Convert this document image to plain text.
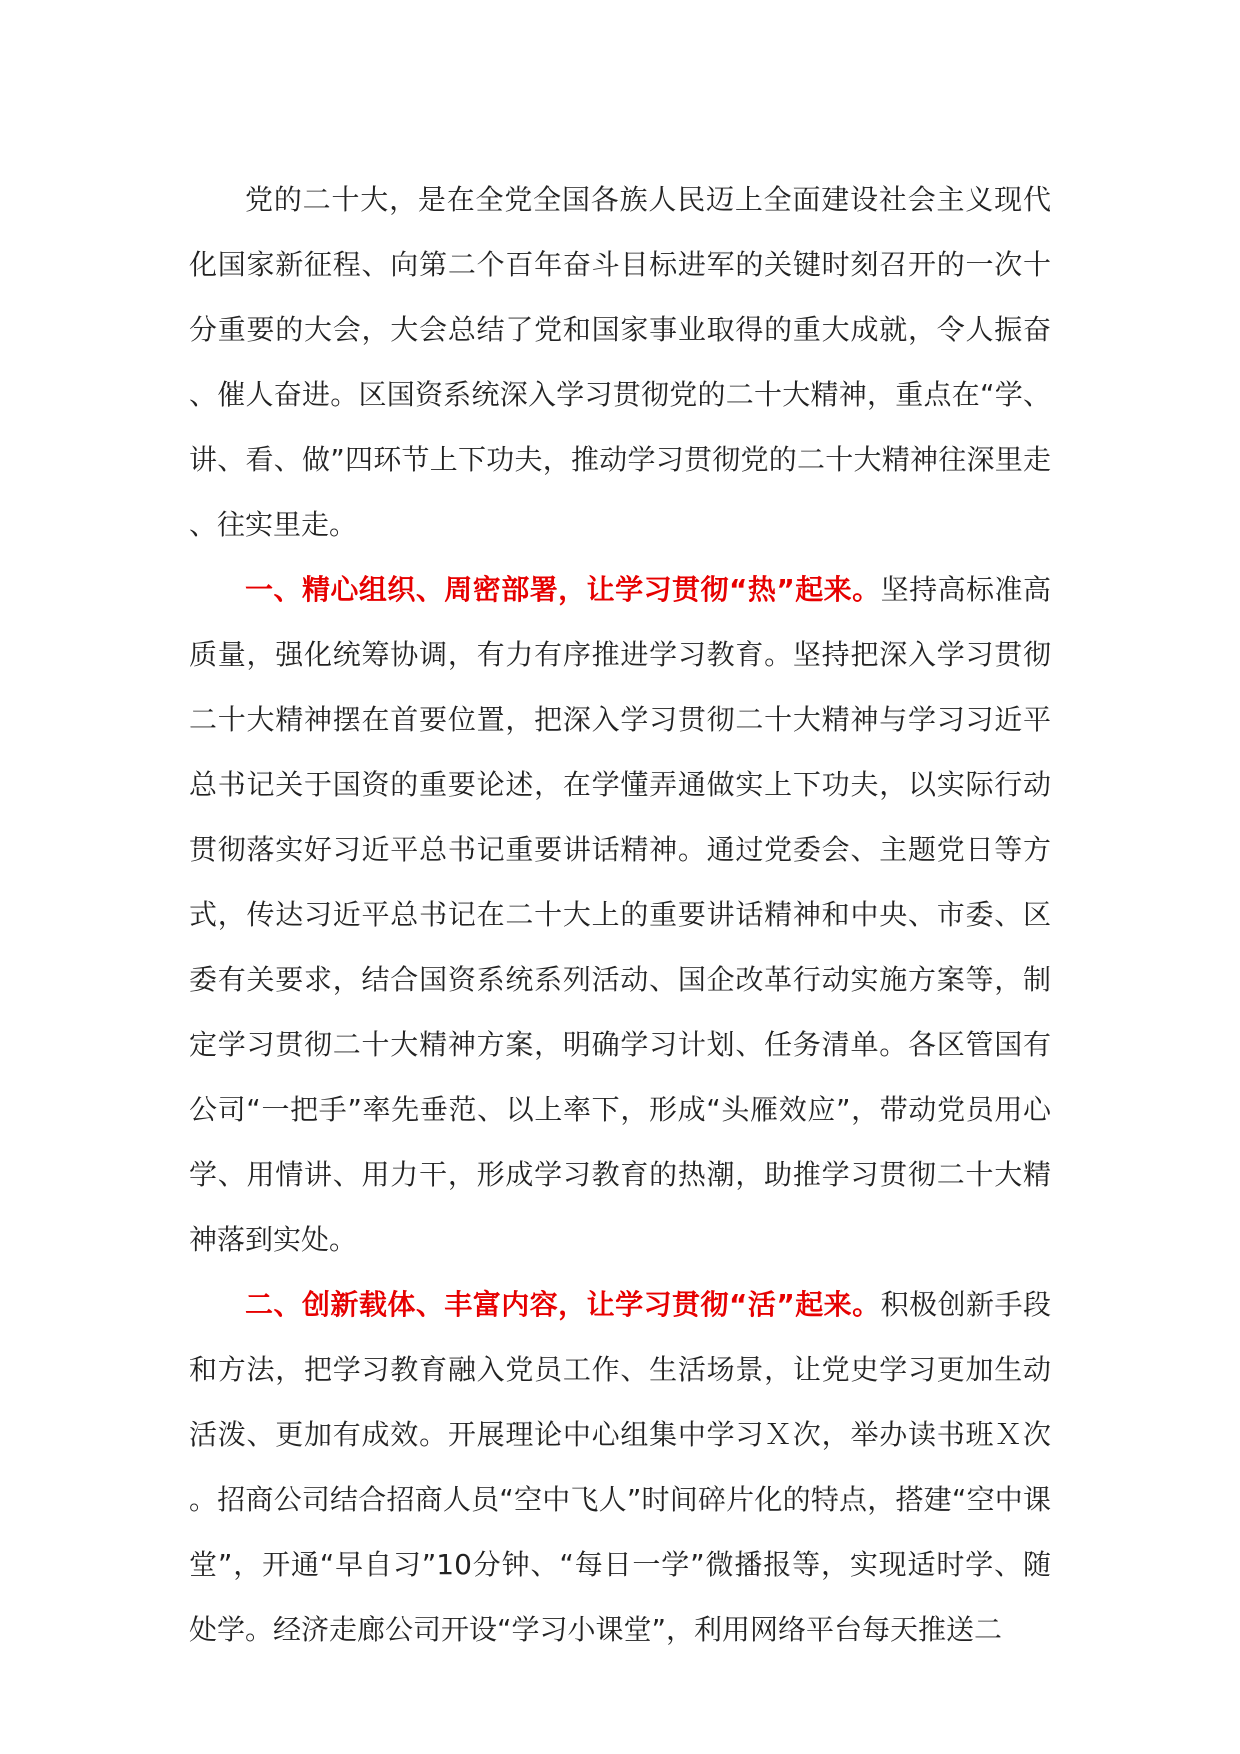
党的二十大，是在全党全国各族人民迈上全面建设社会主义现代化国家新征程、向第二个百年奋斗目标进军的关键时刻召开的一次十分重要的大会，大会总结了党和国家事业取得的重大成就，令人振奋、催人奋进。区国资系统深入学习贯彻党的二十大精神，重点在“学、讲、看、做”四环节上下功夫，推动学习贯彻党的二十大精神往深里走、往实里走。

一、精心组织、周密部署，让学习贯彻“热”起来。坚持高标准高质量，强化统筹协调，有力有序推进学习教育。坚持把深入学习贯彻二十大精神摆在首要位置，把深入学习贯彻二十大精神与学习习近平总书记关于国资的重要论述，在学懂弄通做实上下功夫，以实际行动贯彻落实好习近平总书记重要讲话精神。通过党委会、主题党日等方式，传达习近平总书记在二十大上的重要讲话精神和中央、市委、区委有关要求，结合国资系统系列活动、国企改革行动实施方案等，制定学习贯彻二十大精神方案，明确学习计划、任务清单。各区管国有公司“一把手”率先垂范、以上率下，形成“头雁效应”，带动党员用心学、用情讲、用力干，形成学习教育的热潮，助推学习贯彻二十大精神落到实处。

二、创新载体、丰富内容，让学习贯彻“活”起来。积极创新手段和方法，把学习教育融入党员工作、生活场景，让党史学习更加生动活泼、更加有成效。开展理论中心组集中学习Ｘ次，举办读书班Ｘ次。招商公司结合招商人员“空中飞人”时间碎片化的特点，搭建“空中课堂”，开通“早自习”10分钟、“每日一学”微播报等，实现适时学、随处学。经济走廊公司开设“学习小课堂”，利用网络平台每天推送二
